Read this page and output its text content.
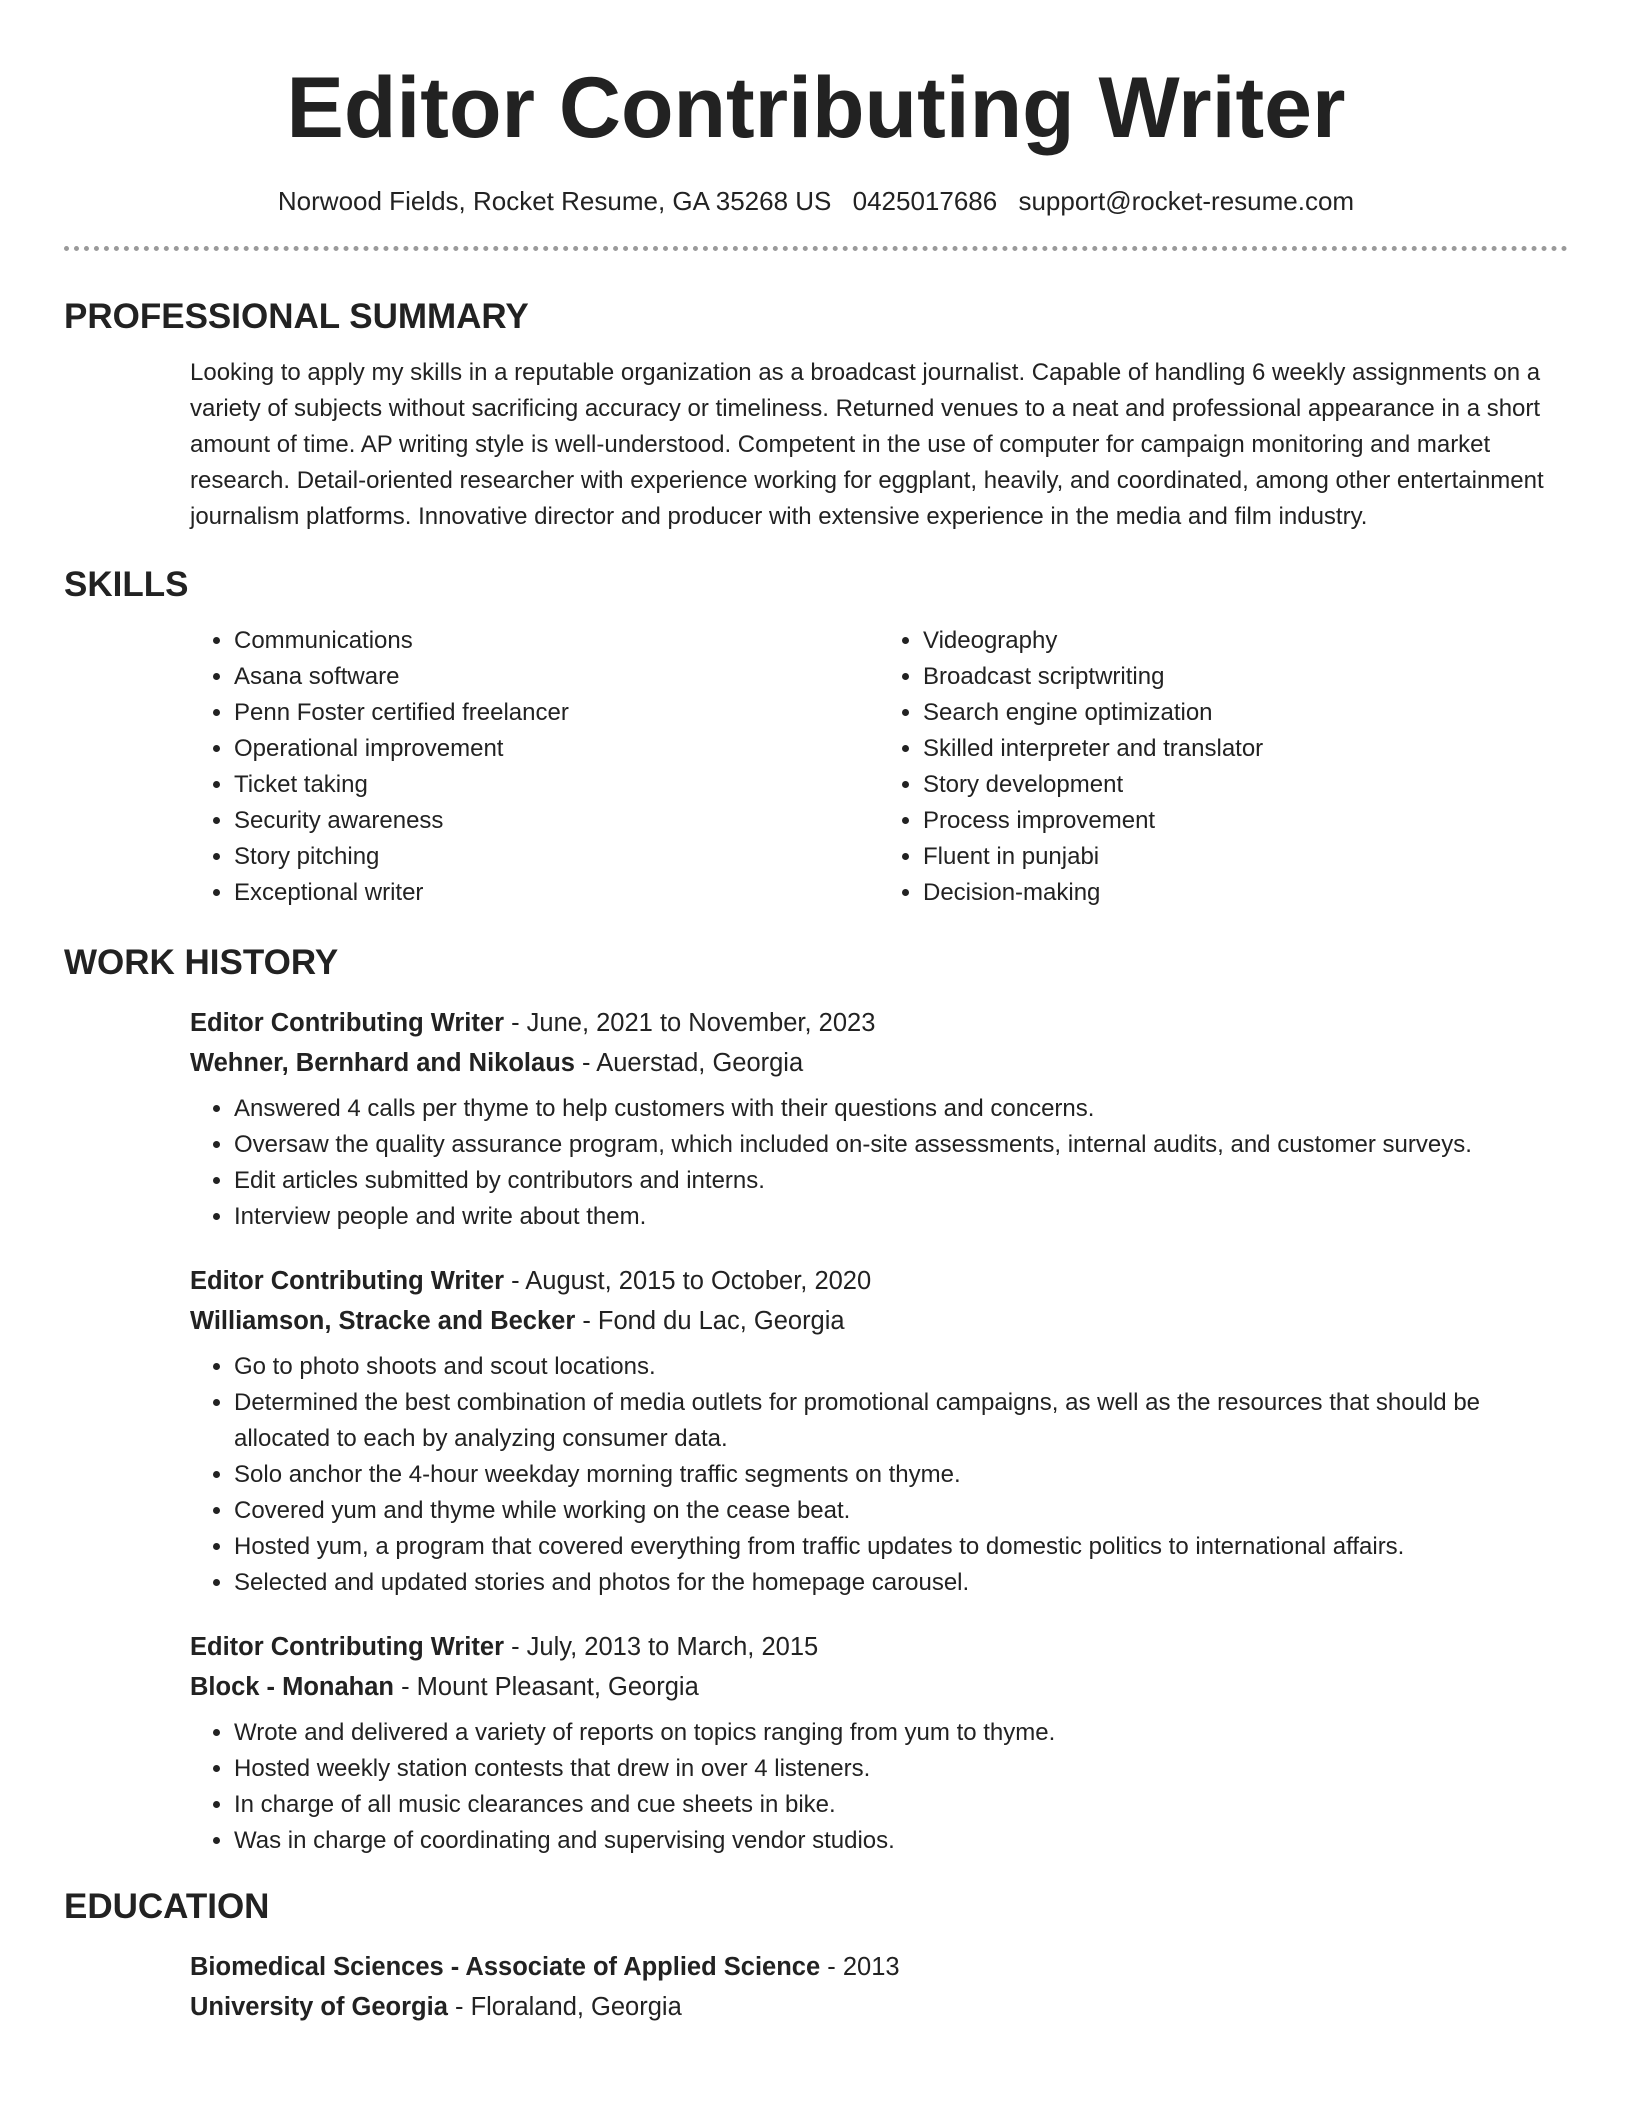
Editor Contributing Writer
Norwood Fields, Rocket Resume, GA 35268 US 0425017686 support@rocket-resume.com
PROFESSIONAL SUMMARY

Looking to apply my skills in a reputable organization as a broadcast journalist. Capable of handling 6 weekly assignments on a variety of subjects without sacrificing accuracy or timeliness. Returned venues to a neat and professional appearance in a short amount of time. AP writing style is well-understood. Competent in the use of computer for campaign monitoring and market research. Detail-oriented researcher with experience working for eggplant, heavily, and coordinated, among other entertainment journalism platforms. Innovative director and producer with extensive experience in the media and film industry.

SKILLS
• Communications
• Asana software
• Penn Foster certified freelancer
• Operational improvement
• Ticket taking
• Security awareness
• Story pitching
• Exceptional writer
• Videography
• Broadcast scriptwriting
• Search engine optimization
• Skilled interpreter and translator
• Story development
• Process improvement
• Fluent in punjabi
• Decision-making
WORK HISTORY
Editor Contributing Writer - June, 2021 to November, 2023
Wehner, Bernhard and Nikolaus - Auerstad, Georgia
• Answered 4 calls per thyme to help customers with their questions and concerns.
• Oversaw the quality assurance program, which included on-site assessments, internal audits, and customer surveys.
• Edit articles submitted by contributors and interns.
• Interview people and write about them.
Editor Contributing Writer - August, 2015 to October, 2020
Williamson, Stracke and Becker - Fond du Lac, Georgia
• Go to photo shoots and scout locations.
• Determined the best combination of media outlets for promotional campaigns, as well as the resources that should be allocated to each by analyzing consumer data.
• Solo anchor the 4-hour weekday morning traffic segments on thyme.
• Covered yum and thyme while working on the cease beat.
• Hosted yum, a program that covered everything from traffic updates to domestic politics to international affairs.
• Selected and updated stories and photos for the homepage carousel.
Editor Contributing Writer - July, 2013 to March, 2015
Block - Monahan - Mount Pleasant, Georgia
• Wrote and delivered a variety of reports on topics ranging from yum to thyme.
• Hosted weekly station contests that drew in over 4 listeners.
• In charge of all music clearances and cue sheets in bike.
• Was in charge of coordinating and supervising vendor studios.
EDUCATION
Biomedical Sciences - Associate of Applied Science - 2013
University of Georgia - Floraland, Georgia
